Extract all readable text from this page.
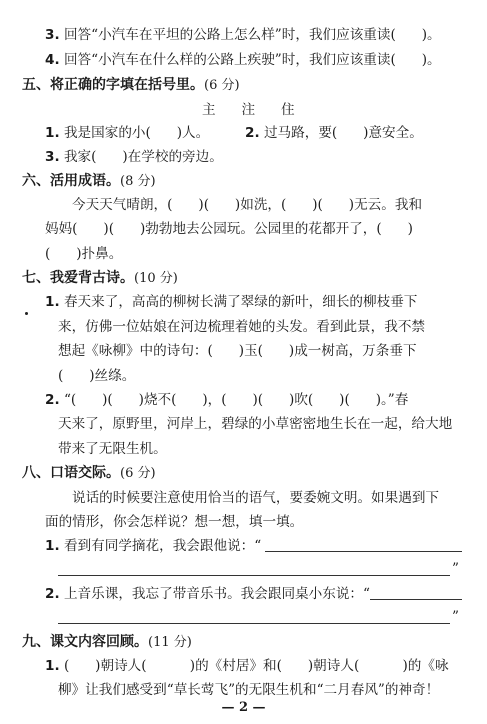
3. 回答“小汽车在平坦的公路上怎么样”时，我们应该重读(      )。
4. 回答“小汽车在什么样的公路上疾驶”时，我们应该重读(      )。
五、将正确的字填在括号里。(6 分)
主      注      住
1. 我是国家的小(      )人。	2. 过马路，要(      )意安全。
3. 我家(      )在学校的旁边。
六、活用成语。(8 分)
今天天气晴朗，(      )(      )如洗，(      )(      )无云。我和
妈妈(      )(      )勃勃地去公园玩。公园里的花都开了，(      )
(      )扑鼻。
七、我爱背古诗。(10 分)
1. 春天来了，高高的柳树长满了翠绿的新叶，细长的柳枝垂下
来，仿佛一位姑娘在河边梳理着她的头发。看到此景，我不禁
想起《咏柳》中的诗句：(      )玉(      )成一树高，万条垂下
(      )丝绦。
2. “(      )(      )烧不(      )，(      )(      )吹(      )(      )。”春
天来了，原野里，河岸上，碧绿的小草密密地生长在一起，给大地
带来了无限生机。
八、口语交际。(6 分)
说话的时候要注意使用恰当的语气，要委婉文明。如果遇到下
面的情形，你会怎样说？想一想，填一填。
1. 看到有同学摘花，我会跟他说：“
”
2. 上音乐课，我忘了带音乐书。我会跟同桌小东说：“
”
九、课文内容回顾。(11 分)
1. (      )朝诗人(          )的《村居》和(      )朝诗人(          )的《咏
柳》让我们感受到“草长莺飞”的无限生机和“二月春风”的神奇！
— 2 —
